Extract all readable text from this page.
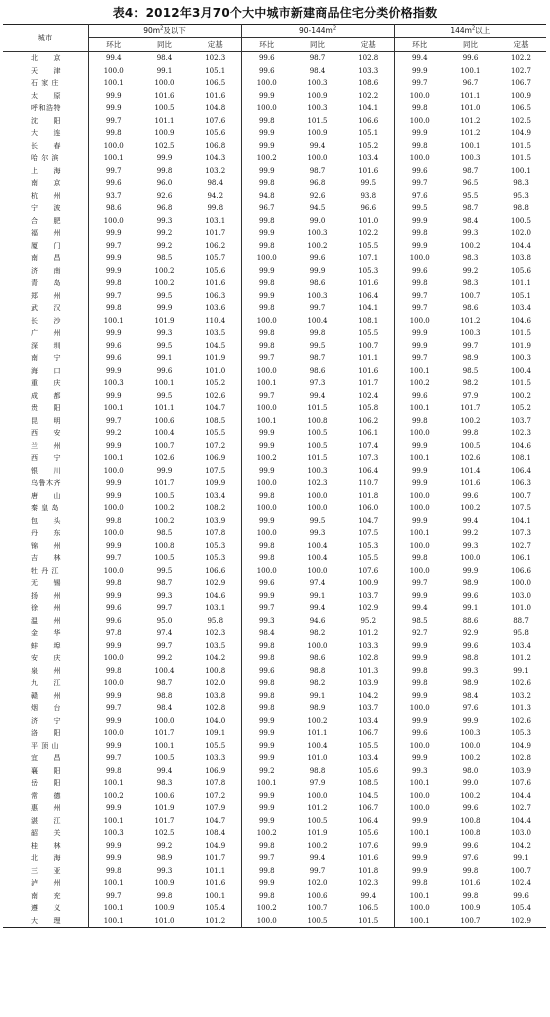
表4：2012年3月70个大中城市新建商品住宅分类价格指数
城市	$90m^2$及以下			$90-144m^2$			$144m^2$以上		
	环比	同比	定基	环比	同比	定基	环比	同比	定基
北　　京	99.4	98.4	102.3	99.6	98.7	102.8	99.4	99.6	102.2
天　　津	100.0	99.1	105.1	99.6	98.4	103.3	99.9	100.1	102.7
石 家 庄	100.1	100.0	106.5	100.0	100.3	108.6	99.7	96.7	106.7
太　　原	99.9	101.6	101.6	99.9	100.9	102.2	100.0	101.1	100.9
呼和浩特	99.9	100.5	104.8	100.0	100.3	104.1	99.8	101.0	106.5
沈　　阳	99.7	101.1	107.6	99.8	101.5	106.6	100.0	101.2	102.5
大　　连	99.8	100.9	105.6	99.9	100.9	105.1	99.9	101.2	104.9
长　　春	100.0	102.5	106.8	99.9	99.4	105.2	99.8	100.1	101.5
哈 尔 滨	100.1	99.9	104.3	100.2	100.0	103.4	100.0	100.3	101.5
上　　海	99.7	99.8	103.2	99.9	98.7	101.6	99.6	98.7	100.1
南　　京	99.6	96.0	98.4	99.8	96.8	99.5	99.7	96.5	98.3
杭　　州	93.7	92.6	94.2	94.8	92.6	93.8	97.6	95.5	95.3
宁　　波	98.6	96.8	99.8	96.7	94.5	96.6	99.5	98.7	98.8
合　　肥	100.0	99.3	103.1	99.8	99.0	101.0	99.9	98.4	100.5
福　　州	99.9	99.2	101.7	99.9	100.3	102.2	99.8	99.3	102.0
厦　　门	99.7	99.2	106.2	99.8	100.2	105.5	99.9	100.2	104.4
南　　昌	99.9	98.5	105.7	100.0	99.6	107.1	100.0	98.3	103.8
济　　南	99.9	100.2	105.6	99.9	99.9	105.3	99.6	99.2	105.6
青　　岛	99.8	100.2	101.6	99.8	98.6	101.6	99.8	98.3	101.1
郑　　州	99.7	99.5	106.3	99.9	100.3	106.4	99.7	100.7	105.1
武　　汉	99.8	99.9	103.6	99.8	99.7	104.1	99.7	98.6	103.4
长　　沙	100.1	101.9	110.4	100.0	100.4	108.1	100.0	101.2	104.6
广　　州	99.9	99.3	103.5	99.8	99.8	105.5	99.9	100.3	101.5
深　　圳	99.6	99.5	104.5	99.8	99.5	100.7	99.9	99.7	101.9
南　　宁	99.6	99.1	101.9	99.7	98.7	101.1	99.7	98.9	100.3
海　　口	99.9	99.6	101.0	100.0	98.6	101.6	100.1	98.5	100.4
重　　庆	100.3	100.1	105.2	100.1	97.3	101.7	100.2	98.2	101.5
成　　都	99.9	99.5	102.6	99.7	99.4	102.4	99.6	97.9	100.2
贵　　阳	100.1	101.1	104.7	100.0	101.5	105.8	100.1	101.7	105.2
昆　　明	99.7	100.6	108.5	100.1	100.8	106.2	99.8	100.2	103.7
西　　安	99.2	100.4	105.5	99.9	100.5	106.1	100.0	99.8	102.3
兰　　州	99.9	100.7	107.2	99.9	100.5	107.4	99.9	100.5	104.6
西　　宁	100.1	102.6	106.9	100.2	101.5	107.3	100.1	102.6	108.1
银　　川	100.0	99.9	107.5	99.9	100.3	106.4	99.9	101.4	106.4
乌鲁木齐	99.9	101.7	109.9	100.0	102.3	110.7	99.9	101.6	106.3
唐　　山	99.9	100.5	103.4	99.8	100.0	101.8	100.0	99.6	100.7
秦 皇 岛	100.0	100.2	108.2	100.0	100.0	106.0	100.0	100.2	107.5
包　　头	99.8	100.2	103.9	99.9	99.5	104.7	99.9	99.4	104.1
丹　　东	100.0	98.5	107.8	100.0	99.3	107.5	100.1	99.2	107.3
锦　　州	99.9	100.8	105.3	99.8	100.4	105.3	100.0	99.3	102.7
吉　　林	99.7	100.5	105.3	99.8	100.4	105.5	99.8	100.0	106.1
牡 丹 江	100.0	99.5	106.6	100.0	100.0	107.6	100.0	99.9	106.6
无　　锡	99.8	98.7	102.9	99.6	97.4	100.9	99.7	98.9	100.0
扬　　州	99.9	99.3	104.6	99.9	99.1	103.7	99.9	99.6	103.0
徐　　州	99.6	99.7	103.1	99.7	99.4	102.9	99.4	99.1	101.0
温　　州	99.6	95.0	95.8	99.3	94.6	95.2	98.5	88.6	88.7
金　　华	97.8	97.4	102.3	98.4	98.2	101.2	92.7	92.9	95.8
蚌　　埠	99.9	99.7	103.5	99.8	100.0	103.3	99.9	99.6	103.4
安　　庆	100.0	99.2	104.2	99.8	98.6	102.8	99.9	98.8	101.2
泉　　州	99.8	100.4	100.8	99.6	98.8	101.3	99.8	99.3	99.1
九　　江	100.0	98.7	102.0	99.8	98.2	103.9	99.8	98.9	102.6
赣　　州	99.9	98.8	103.8	99.8	99.1	104.2	99.9	98.4	103.2
烟　　台	99.7	98.4	102.8	99.8	98.9	103.7	100.0	97.6	101.3
济　　宁	99.9	100.0	104.0	99.9	100.2	103.4	99.9	99.9	102.6
洛　　阳	100.0	101.7	109.1	99.9	101.1	106.7	99.6	100.3	105.3
平 顶 山	99.9	100.1	105.5	99.9	100.4	105.5	100.0	100.0	104.9
宜　　昌	99.7	100.5	103.3	99.9	101.0	103.4	99.9	100.2	102.8
襄　　阳	99.8	99.4	106.9	99.2	98.8	105.6	99.3	98.0	103.9
岳　　阳	100.1	98.3	107.8	100.1	97.9	108.5	100.1	99.0	107.6
常　　德	100.2	100.6	107.2	99.9	100.0	104.5	100.0	100.2	104.4
惠　　州	99.9	101.9	107.9	99.9	101.2	106.7	100.0	99.6	102.7
湛　　江	100.1	101.7	104.7	99.9	100.5	106.4	99.9	100.8	104.4
韶　　关	100.3	102.5	108.4	100.2	101.9	105.6	100.1	100.8	103.0
桂　　林	99.9	99.2	104.9	99.8	100.2	107.6	99.9	99.6	104.2
北　　海	99.9	98.9	101.7	99.7	99.4	101.6	99.9	97.6	99.1
三　　亚	99.8	99.3	101.1	99.8	99.7	101.8	99.9	99.8	100.7
泸　　州	100.1	100.9	101.6	99.9	102.0	102.3	99.8	101.6	102.4
南　　充	99.7	99.8	100.1	99.8	100.6	99.4	100.1	99.8	99.6
遵　　义	100.1	100.9	105.4	100.2	100.7	106.5	100.0	100.9	105.4
大　　理	100.1	101.0	101.2	100.0	100.5	101.5	100.1	100.7	102.9
